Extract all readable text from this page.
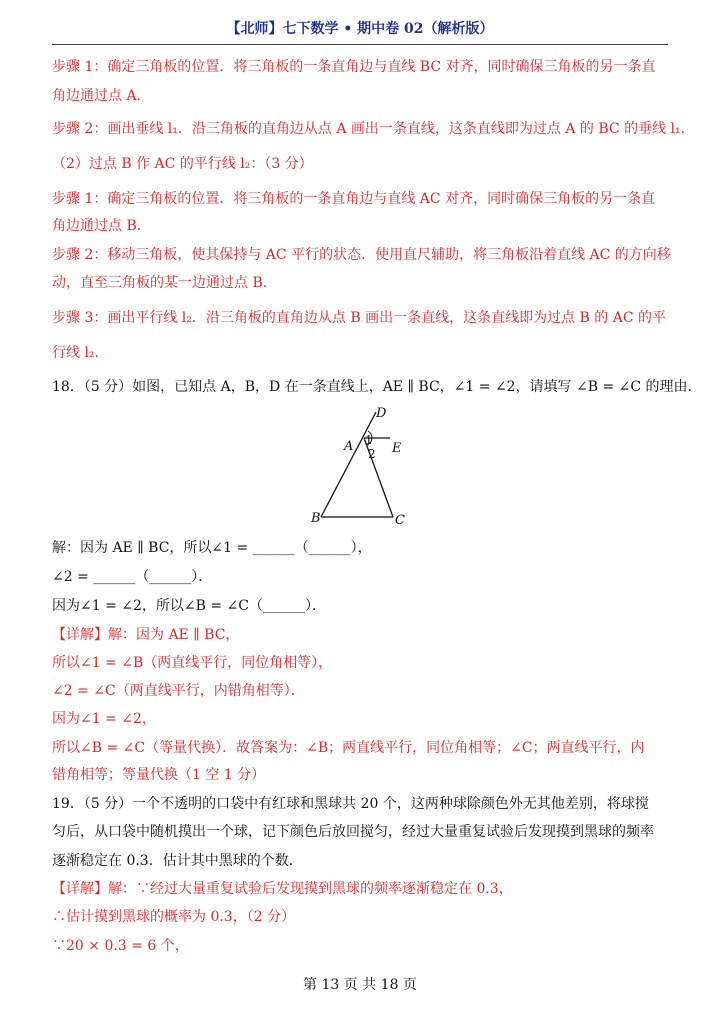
【北师】七下数学 • 期中卷 02（解析版）
步骤 1：确定三角板的位置．将三角板的一条直角边与直线 BC 对齐，同时确保三角板的另一条直
角边通过点 A．
步骤 2：画出垂线 l₁．沿三角板的直角边从点 A 画出一条直线，这条直线即为过点 A 的 BC 的垂线 l₁．
（2）过点 B 作 AC 的平行线 l₂：（3 分）
步骤 1：确定三角板的位置．将三角板的一条直角边与直线 AC 对齐，同时确保三角板的另一条直
角边通过点 B．
步骤 2：移动三角板，使其保持与 AC 平行的状态．使用直尺辅助，将三角板沿着直线 AC 的方向移
动，直至三角板的某一边通过点 B．
步骤 3：画出平行线 l₂．沿三角板的直角边从点 B 画出一条直线，这条直线即为过点 B 的 AC 的平
行线 l₂．
18．（5 分）如图，已知点 A，B，D 在一条直线上，AE ∥ BC，∠1 = ∠2，请填写 ∠B = ∠C 的理由．
D
A	E
B	C
1
2
解：因为 AE ∥ BC，所以∠1 = ______（______），
∠2 = ______（______）．
因为∠1 = ∠2，所以∠B = ∠C（______）．
【详解】解：因为 AE ∥ BC，
所以∠1 = ∠B（两直线平行，同位角相等），
∠2 = ∠C（两直线平行，内错角相等）．
因为∠1 = ∠2，
所以∠B = ∠C（等量代换）．故答案为：∠B；两直线平行，同位角相等；∠C；两直线平行，内
错角相等；等量代换（1 空 1 分）
19．（5 分）一个不透明的口袋中有红球和黑球共 20 个，这两种球除颜色外无其他差别，将球搅
匀后，从口袋中随机摸出一个球，记下颜色后放回搅匀，经过大量重复试验后发现摸到黑球的频率
逐渐稳定在 0.3．估计其中黑球的个数．
【详解】解：∵经过大量重复试验后发现摸到黑球的频率逐渐稳定在 0.3，
∴估计摸到黑球的概率为 0.3，（2 分）
∵20 × 0.3 = 6 个，
第 13 页 共 18 页
